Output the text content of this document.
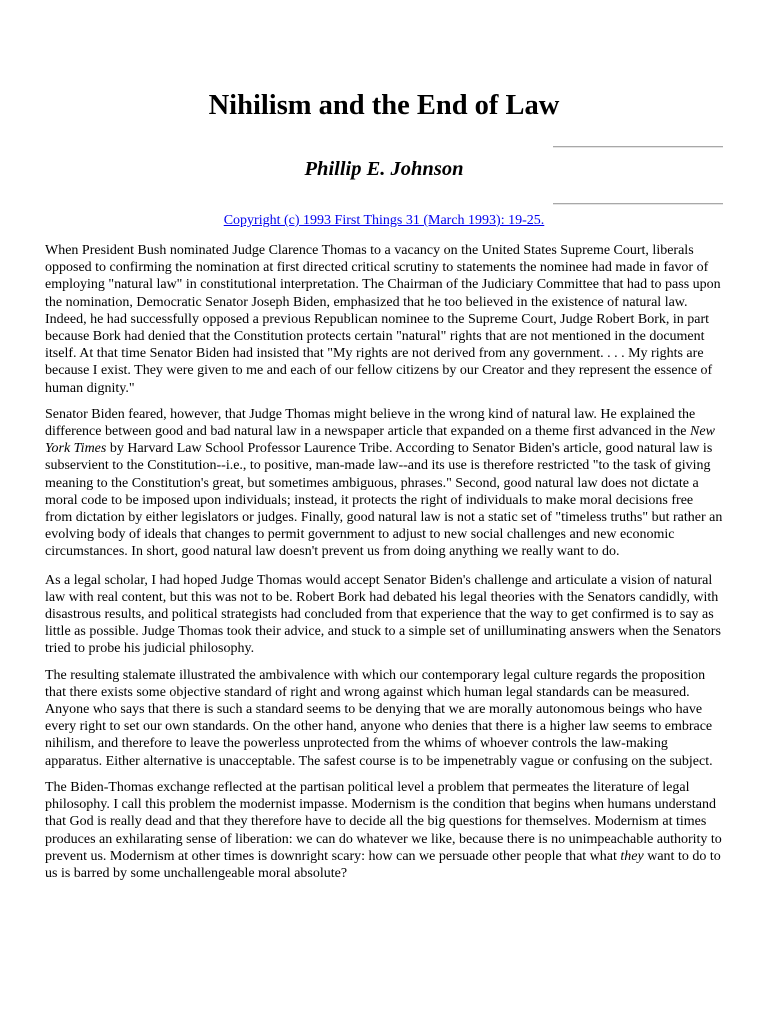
Nihilism and the End of Law
Phillip E. Johnson
Copyright (c) 1993 First Things 31 (March 1993): 19-25.

When President Bush nominated Judge Clarence Thomas to a vacancy on the United States Supreme Court, liberals opposed to confirming the nomination at first directed critical scrutiny to statements the nominee had made in favor of employing "natural law" in constitutional interpretation. The Chairman of the Judiciary Committee that had to pass upon the nomination, Democratic Senator Joseph Biden, emphasized that he too believed in the existence of natural law. Indeed, he had successfully opposed a previous Republican nominee to the Supreme Court, Judge Robert Bork, in part because Bork had denied that the Constitution protects certain "natural" rights that are not mentioned in the document itself. At that time Senator Biden had insisted that "My rights are not derived from any government. . . . My rights are because I exist. They were given to me and each of our fellow citizens by our Creator and they represent the essence of human dignity."

Senator Biden feared, however, that Judge Thomas might believe in the wrong kind of natural law. He explained the difference between good and bad natural law in a newspaper article that expanded on a theme first advanced in the New York Times by Harvard Law School Professor Laurence Tribe. According to Senator Biden's article, good natural law is subservient to the Constitution--i.e., to positive, man-made law--and its use is therefore restricted "to the task of giving meaning to the Constitution's great, but sometimes ambiguous, phrases." Second, good natural law does not dictate a moral code to be imposed upon individuals; instead, it protects the right of individuals to make moral decisions free from dictation by either legislators or judges. Finally, good natural law is not a static set of "timeless truths" but rather an evolving body of ideals that changes to permit government to adjust to new social challenges and new economic circumstances. In short, good natural law doesn't prevent us from doing anything we really want to do.

As a legal scholar, I had hoped Judge Thomas would accept Senator Biden's challenge and articulate a vision of natural law with real content, but this was not to be. Robert Bork had debated his legal theories with the Senators candidly, with disastrous results, and political strategists had concluded from that experience that the way to get confirmed is to say as little as possible. Judge Thomas took their advice, and stuck to a simple set of unilluminating answers when the Senators tried to probe his judicial philosophy.

The resulting stalemate illustrated the ambivalence with which our contemporary legal culture regards the proposition that there exists some objective standard of right and wrong against which human legal standards can be measured. Anyone who says that there is such a standard seems to be denying that we are morally autonomous beings who have every right to set our own standards. On the other hand, anyone who denies that there is a higher law seems to embrace nihilism, and therefore to leave the powerless unprotected from the whims of whoever controls the law-making apparatus. Either alternative is unacceptable. The safest course is to be impenetrably vague or confusing on the subject.

The Biden-Thomas exchange reflected at the partisan political level a problem that permeates the literature of legal philosophy. I call this problem the modernist impasse. Modernism is the condition that begins when humans understand that God is really dead and that they therefore have to decide all the big questions for themselves. Modernism at times produces an exhilarating sense of liberation: we can do whatever we like, because there is no unimpeachable authority to prevent us. Modernism at other times is downright scary: how can we persuade other people that what they want to do to us is barred by some unchallengeable moral absolute?
